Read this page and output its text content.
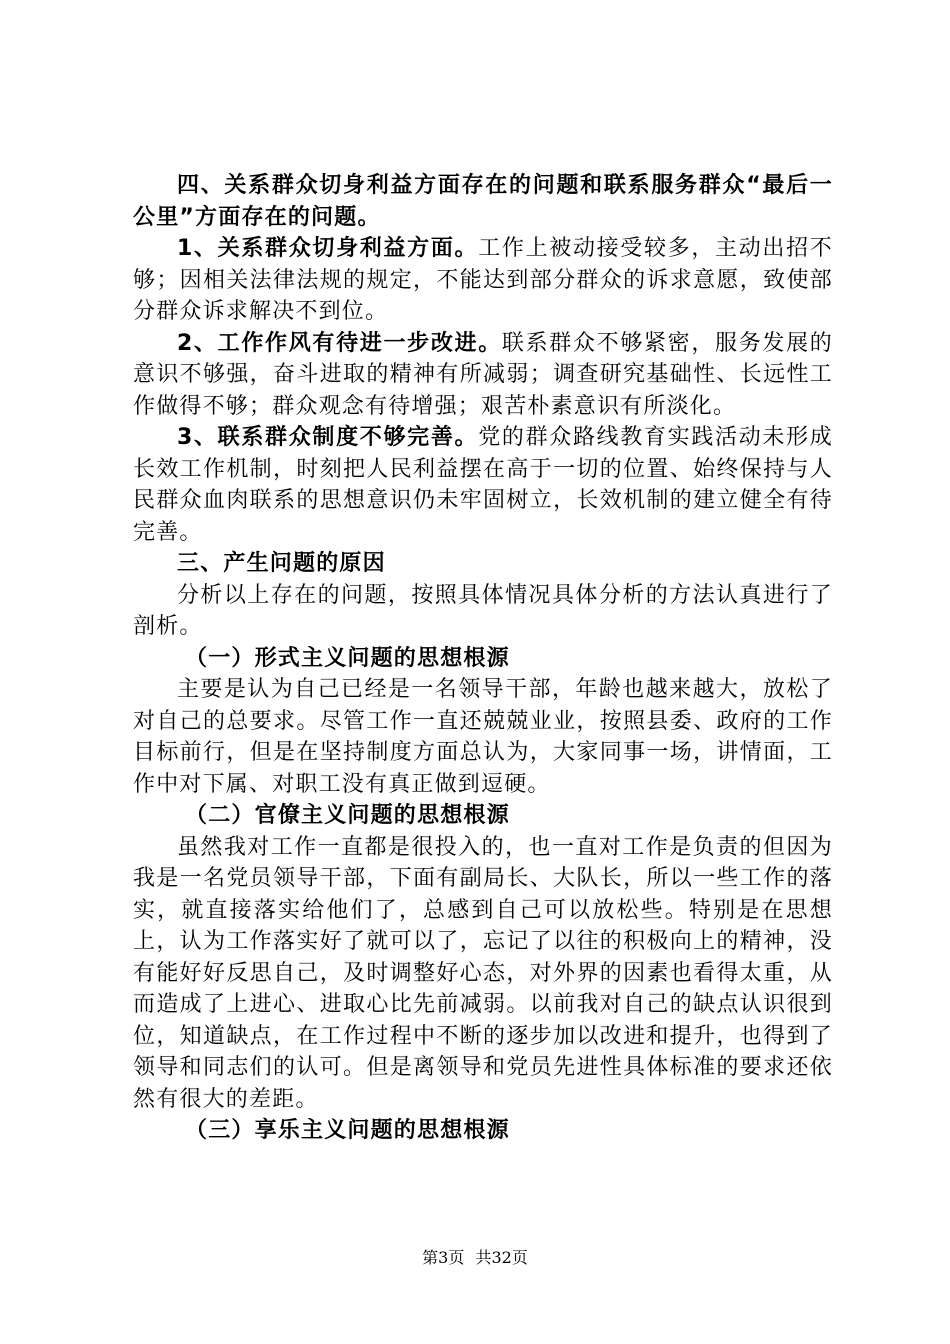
四、关系群众切身利益方面存在的问题和联系服务群众“最后一公里”方面存在的问题。

1、关系群众切身利益方面。工作上被动接受较多，主动出招不够；因相关法律法规的规定，不能达到部分群众的诉求意愿，致使部分群众诉求解决不到位。

2、工作作风有待进一步改进。联系群众不够紧密，服务发展的意识不够强，奋斗进取的精神有所减弱；调查研究基础性、长远性工作做得不够；群众观念有待增强；艰苦朴素意识有所淡化。

3、联系群众制度不够完善。党的群众路线教育实践活动未形成长效工作机制，时刻把人民利益摆在高于一切的位置、始终保持与人民群众血肉联系的思想意识仍未牢固树立，长效机制的建立健全有待完善。

三、产生问题的原因

分析以上存在的问题，按照具体情况具体分析的方法认真进行了剖析。

（一）形式主义问题的思想根源

主要是认为自己已经是一名领导干部，年龄也越来越大，放松了对自己的总要求。尽管工作一直还兢兢业业，按照县委、政府的工作目标前行，但是在坚持制度方面总认为，大家同事一场，讲情面，工作中对下属、对职工没有真正做到逗硬。

（二）官僚主义问题的思想根源

虽然我对工作一直都是很投入的，也一直对工作是负责的但因为我是一名党员领导干部，下面有副局长、大队长，所以一些工作的落实，就直接落实给他们了，总感到自己可以放松些。特别是在思想上，认为工作落实好了就可以了，忘记了以往的积极向上的精神，没有能好好反思自己，及时调整好心态，对外界的因素也看得太重，从而造成了上进心、进取心比先前减弱。以前我对自己的缺点认识很到位，知道缺点，在工作过程中不断的逐步加以改进和提升，也得到了领导和同志们的认可。但是离领导和党员先进性具体标准的要求还依然有很大的差距。

（三）享乐主义问题的思想根源

第3页 共32页
